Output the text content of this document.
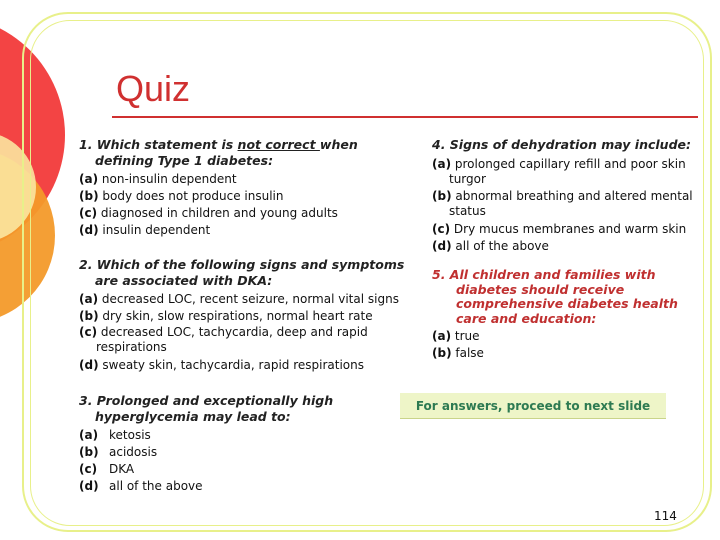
Quiz
1. Which statement is not correct when defining Type 1 diabetes:
(a) non-insulin dependent
(b) body does not produce insulin
(c) diagnosed in children and young adults
(d) insulin dependent
2. Which of the following signs and symptoms are associated with DKA:
(a) decreased LOC, recent seizure, normal vital signs
(b) dry skin, slow respirations, normal heart rate
(c) decreased LOC, tachycardia, deep and rapid respirations
(d) sweaty skin, tachycardia, rapid respirations
3. Prolonged and exceptionally high hyperglycemia may lead to:
(a) ketosis
(b) acidosis
(c) DKA
(d) all of the above
4. Signs of dehydration may include:
(a) prolonged capillary refill and poor skin turgor
(b) abnormal breathing and altered mental status
(c) Dry mucus membranes and warm skin
(d) all of the above
5. All children and families with diabetes should receive comprehensive diabetes health care and education:
(a) true
(b) false
For answers, proceed to next slide
114
